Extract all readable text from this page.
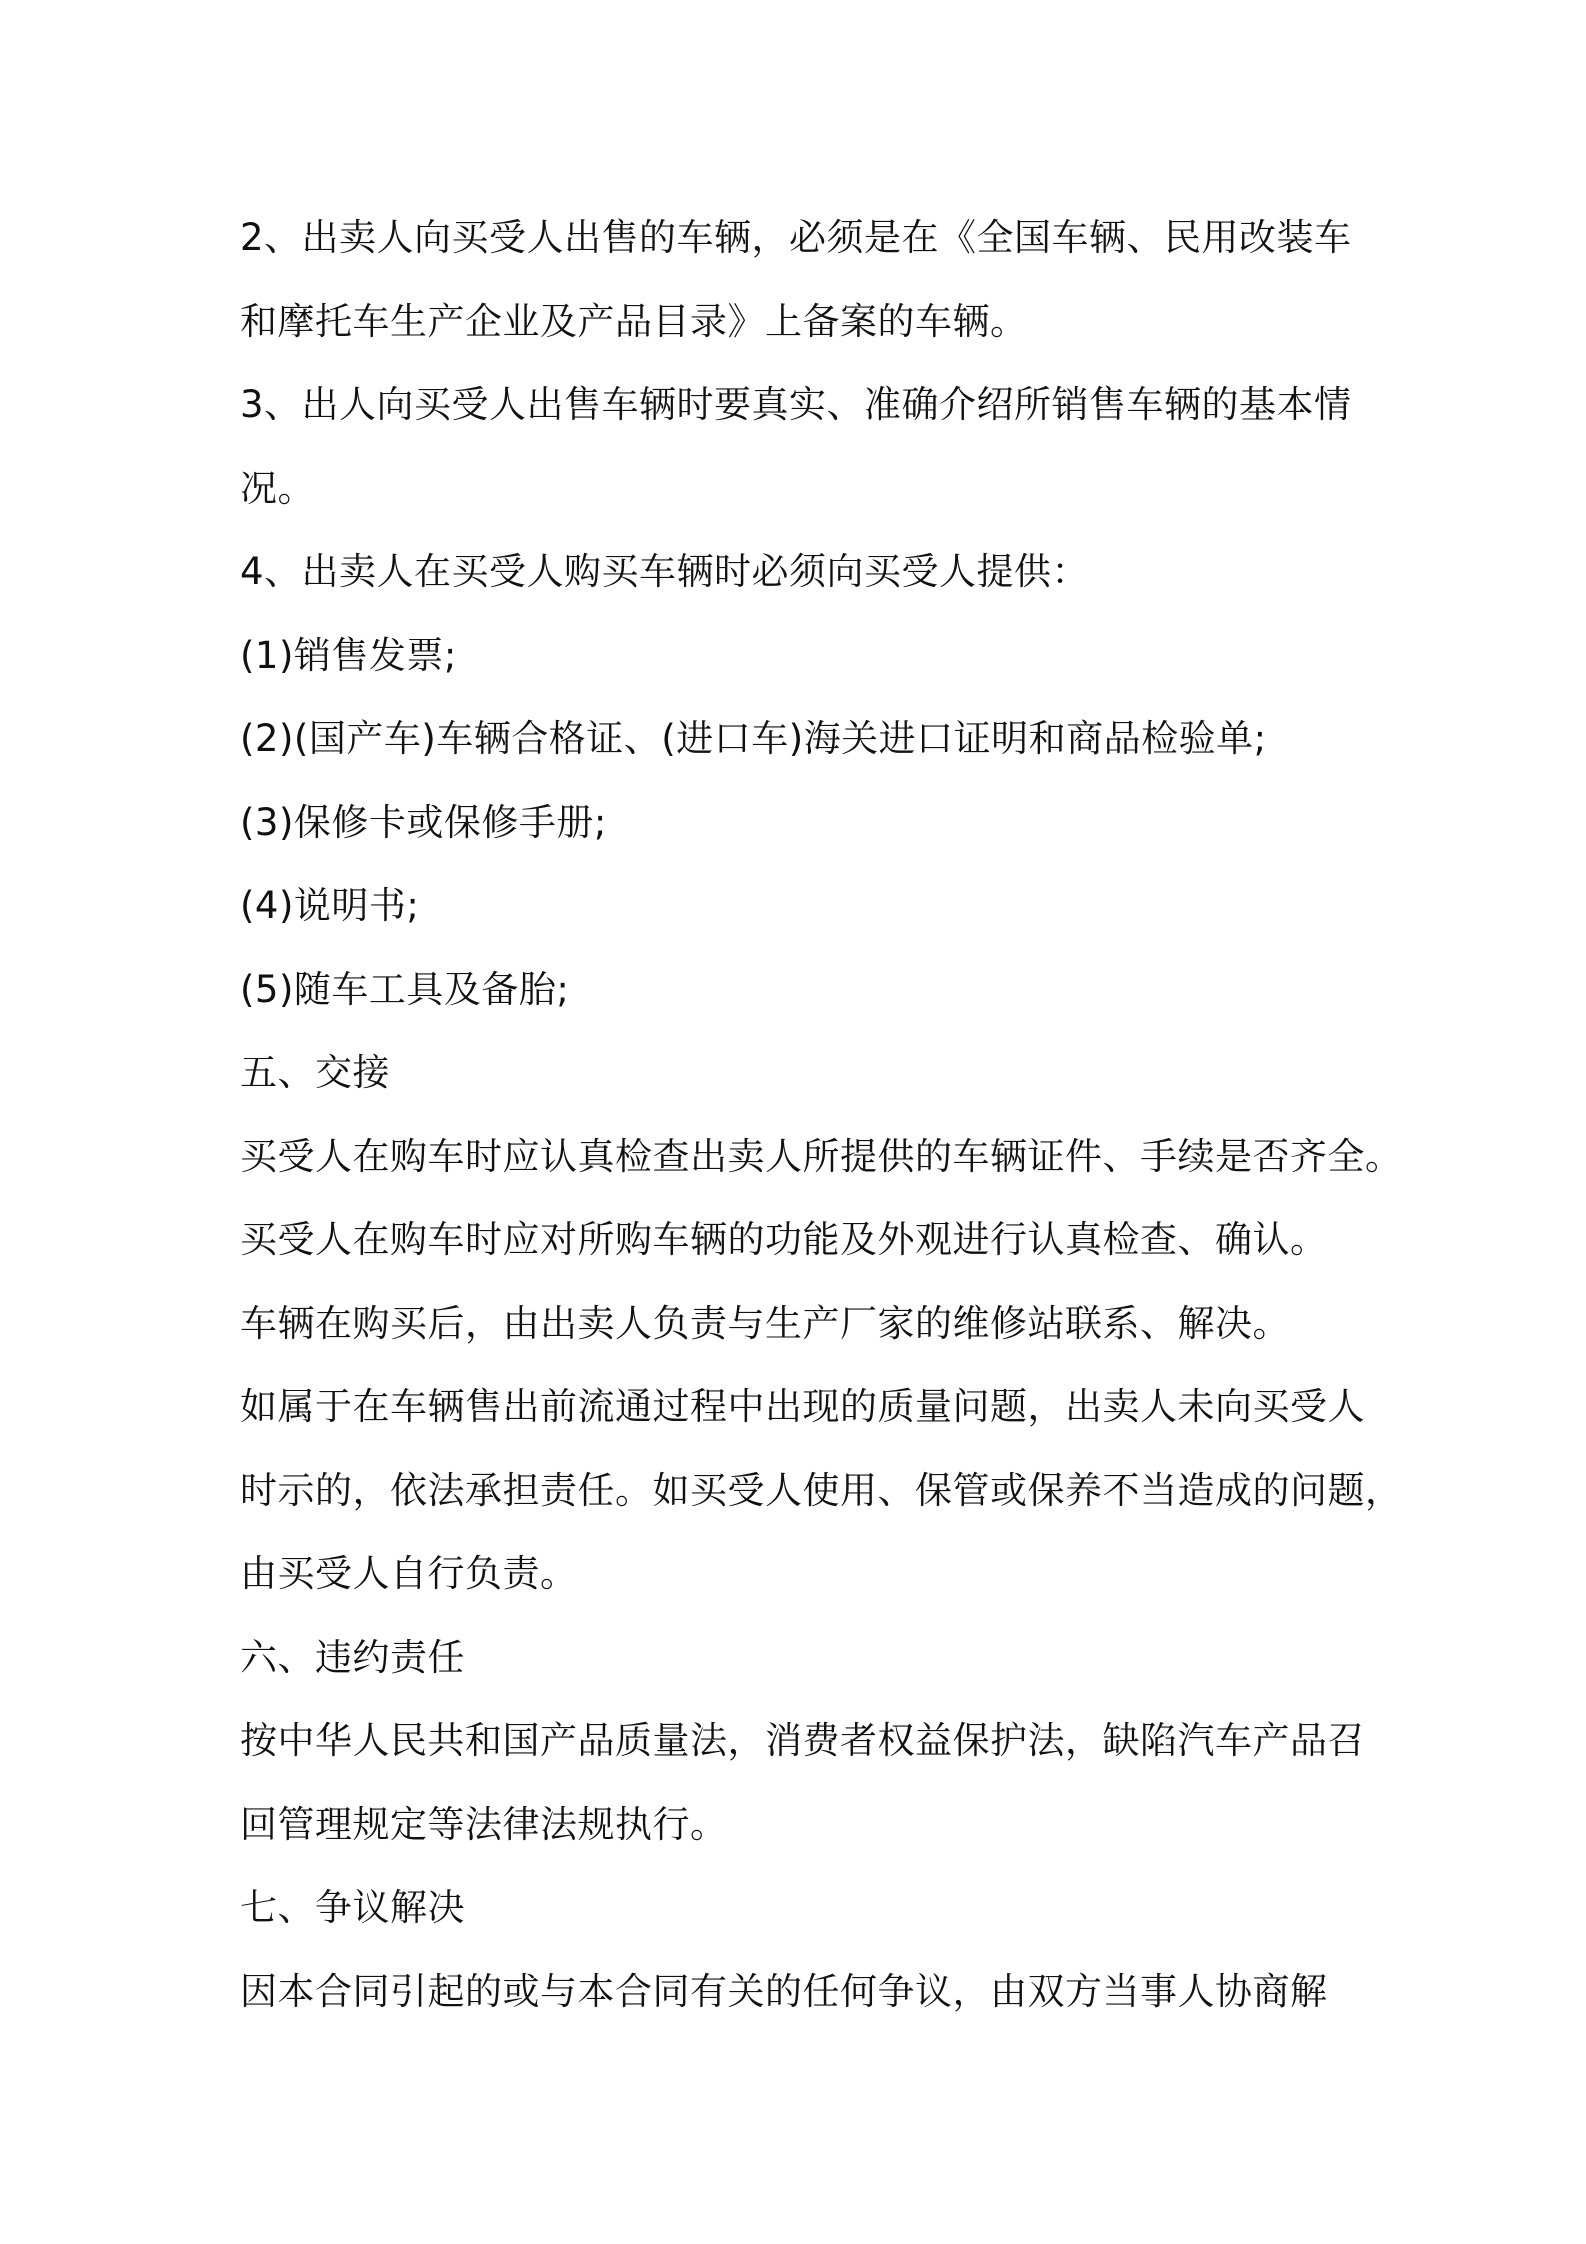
2、出卖人向买受人出售的车辆，必须是在《全国车辆、民用改装车
和摩托车生产企业及产品目录》上备案的车辆。
3、出人向买受人出售车辆时要真实、准确介绍所销售车辆的基本情
况。
4、出卖人在买受人购买车辆时必须向买受人提供：
(1)销售发票;
(2)(国产车)车辆合格证、(进口车)海关进口证明和商品检验单;
(3)保修卡或保修手册;
(4)说明书;
(5)随车工具及备胎;
五、交接
买受人在购车时应认真检查出卖人所提供的车辆证件、手续是否齐全。
买受人在购车时应对所购车辆的功能及外观进行认真检查、确认。
车辆在购买后，由出卖人负责与生产厂家的维修站联系、解决。
如属于在车辆售出前流通过程中出现的质量问题，出卖人未向买受人
时示的，依法承担责任。如买受人使用、保管或保养不当造成的问题，
由买受人自行负责。
六、违约责任
按中华人民共和国产品质量法，消费者权益保护法，缺陷汽车产品召
回管理规定等法律法规执行。
七、争议解决
因本合同引起的或与本合同有关的任何争议，由双方当事人协商解
